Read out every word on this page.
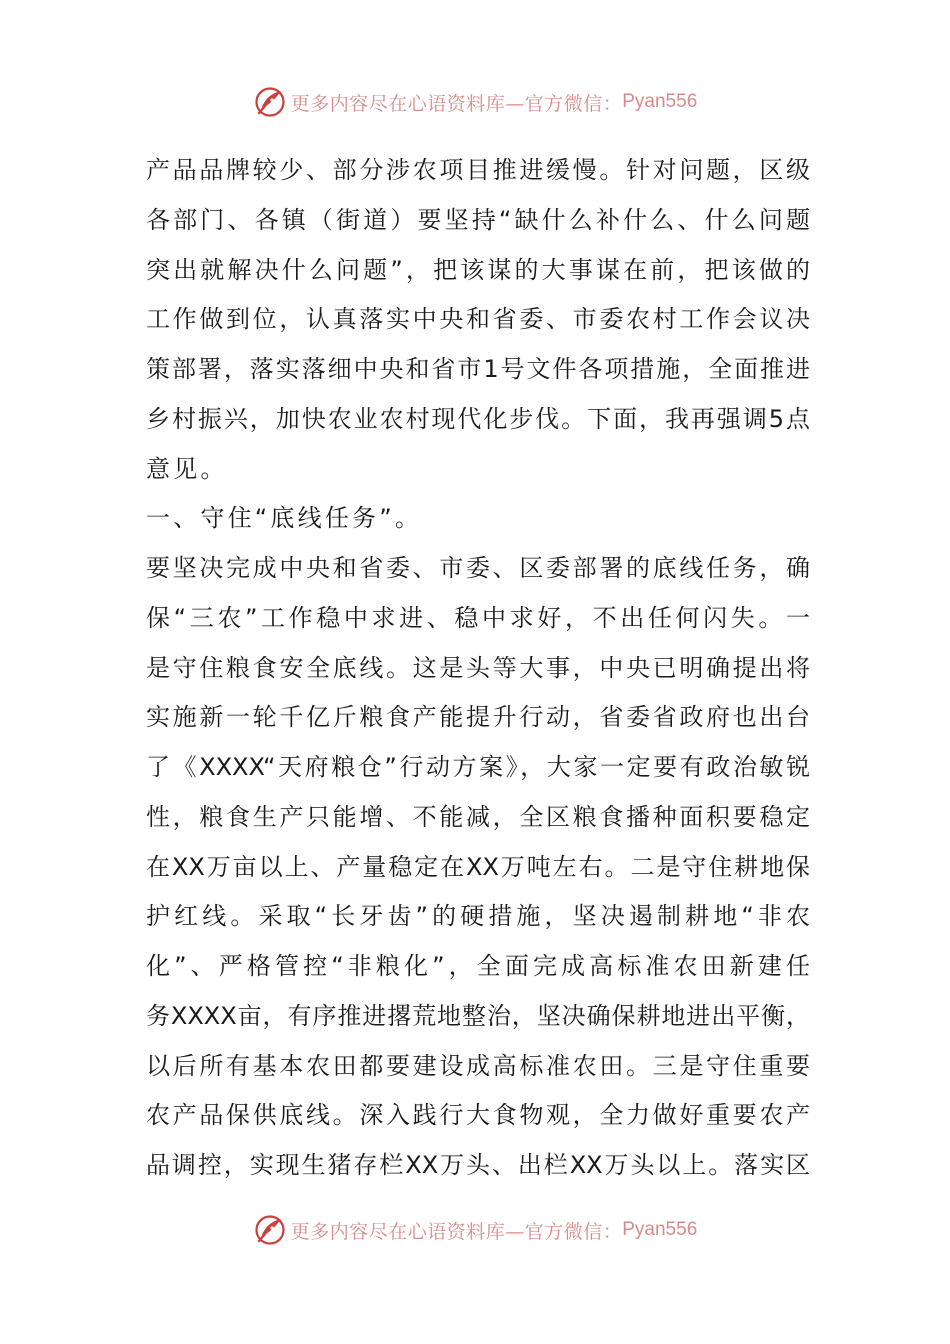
更多内容尽在心语资料库—官方微信： Pyan556
产品品牌较少、部分涉农项目推进缓慢。针对问题，区级
各部门、各镇（街道）要坚持“缺什么补什么、什么问题
突出就解决什么问题”，把该谋的大事谋在前，把该做的
工作做到位，认真落实中央和省委、市委农村工作会议决
策部署，落实落细中央和省市1号文件各项措施，全面推进
乡村振兴，加快农业农村现代化步伐。下面，我再强调5点
意见。
一、守住“底线任务”。
要坚决完成中央和省委、市委、区委部署的底线任务，确
保“三农”工作稳中求进、稳中求好，不出任何闪失。一
是守住粮食安全底线。这是头等大事，中央已明确提出将
实施新一轮千亿斤粮食产能提升行动，省委省政府也出台
了《XXXX“天府粮仓”行动方案》，大家一定要有政治敏锐
性，粮食生产只能增、不能减，全区粮食播种面积要稳定
在XX万亩以上、产量稳定在XX万吨左右。二是守住耕地保
护红线。采取“长牙齿”的硬措施，坚决遏制耕地“非农
化”、严格管控“非粮化”，全面完成高标准农田新建任
务XXXX亩，有序推进撂荒地整治，坚决确保耕地进出平衡，
以后所有基本农田都要建设成高标准农田。三是守住重要
农产品保供底线。深入践行大食物观，全力做好重要农产
品调控，实现生猪存栏XX万头、出栏XX万头以上。落实区
更多内容尽在心语资料库—官方微信： Pyan556
